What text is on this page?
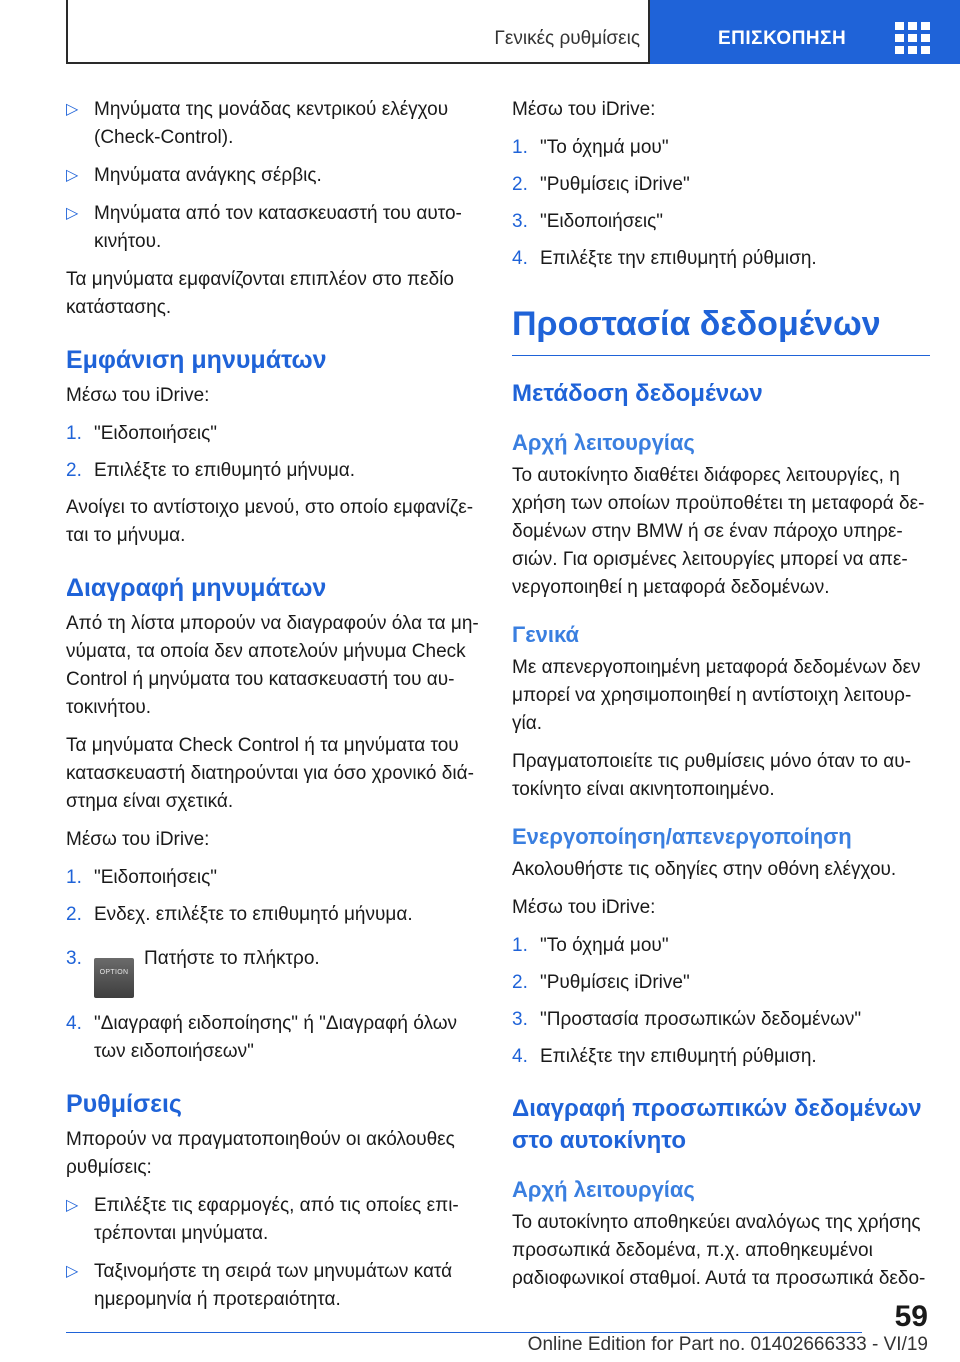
Γενικές ρυθμίσεις	ΕΠΙΣΚΟΠΗΣΗ
▷ Μηνύματα της μονάδας κεντρικού ελέγχου (Check-Control).
▷ Μηνύματα ανάγκης σέρβις.
▷ Μηνύματα από τον κατασκευαστή του αυτοκινήτου.

Τα μηνύματα εμφανίζονται επιπλέον στο πεδίο κατάστασης.

Εμφάνιση μηνυμάτων

Μέσω του iDrive:

1. "Ειδοποιήσεις"
2. Επιλέξτε το επιθυμητό μήνυμα.

Ανοίγει το αντίστοιχο μενού, στο οποίο εμφανίζεται το μήνυμα.

Διαγραφή μηνυμάτων

Από τη λίστα μπορούν να διαγραφούν όλα τα μηνύματα, τα οποία δεν αποτελούν μήνυμα Check Control ή μηνύματα του κατασκευαστή του αυτοκινήτου.

Τα μηνύματα Check Control ή τα μηνύματα του κατασκευαστή διατηρούνται για όσο χρονικό διάστημα είναι σχετικά.

Μέσω του iDrive:

1. "Ειδοποιήσεις"
2. Ενδεχ. επιλέξτε το επιθυμητό μήνυμα.
3.
OPTIONΠατήστε το πλήκτρο.
4. "Διαγραφή ειδοποίησης" ή "Διαγραφή όλων των ειδοποιήσεων"
Ρυθμίσεις

Μπορούν να πραγματοποιηθούν οι ακόλουθες ρυθμίσεις:

▷ Επιλέξτε τις εφαρμογές, από τις οποίες επιτρέπονται μηνύματα.
▷ Ταξινομήστε τη σειρά των μηνυμάτων κατά ημερομηνία ή προτεραιότητα.

Μέσω του iDrive:

1. "Το όχημά μου"
2. "Ρυθμίσεις iDrive"
3. "Ειδοποιήσεις"
4. Επιλέξτε την επιθυμητή ρύθμιση.
Προστασία δεδομένων
Μετάδοση δεδομένων
Αρχή λειτουργίας

Το αυτοκίνητο διαθέτει διάφορες λειτουργίες, η χρήση των οποίων προϋποθέτει τη μεταφορά δεδομένων στην BMW ή σε έναν πάροχο υπηρεσιών. Για ορισμένες λειτουργίες μπορεί να απενεργοποιηθεί η μεταφορά δεδομένων.

Γενικά

Με απενεργοποιημένη μεταφορά δεδομένων δεν μπορεί να χρησιμοποιηθεί η αντίστοιχη λειτουργία.

Πραγματοποιείτε τις ρυθμίσεις μόνο όταν το αυτοκίνητο είναι ακινητοποιημένο.

Ενεργοποίηση/απενεργοποίηση

Ακολουθήστε τις οδηγίες στην οθόνη ελέγχου.

Μέσω του iDrive:

1. "Το όχημά μου"
2. "Ρυθμίσεις iDrive"
3. "Προστασία προσωπικών δεδομένων"
4. Επιλέξτε την επιθυμητή ρύθμιση.
Διαγραφή προσωπικών δεδομένων στο αυτοκίνητο
Αρχή λειτουργίας

Το αυτοκίνητο αποθηκεύει αναλόγως της χρήσης προσωπικά δεδομένα, π.χ. αποθηκευμένοι ραδιοφωνικοί σταθμοί. Αυτά τα προσωπικά δεδο-

59
Online Edition for Part no. 01402666333 - VI/19
